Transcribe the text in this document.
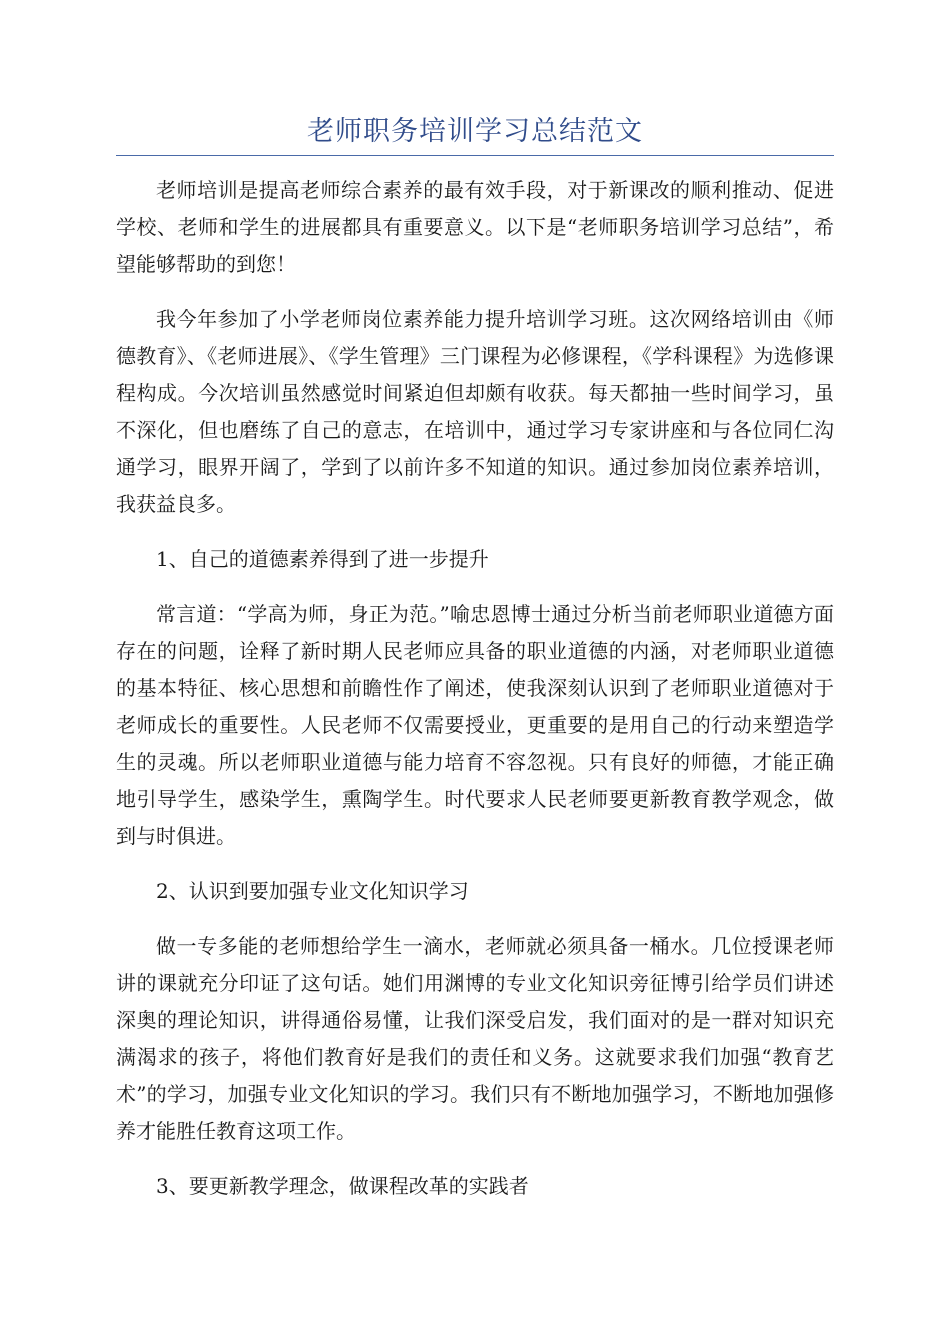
老师职务培训学习总结范文

老师培训是提高老师综合素养的最有效手段，对于新课改的顺利推动、促进学校、老师和学生的进展都具有重要意义。以下是“老师职务培训学习总结”，希望能够帮助的到您！

我今年参加了小学老师岗位素养能力提升培训学习班。这次网络培训由《师德教育》、《老师进展》、《学生管理》三门课程为必修课程，《学科课程》为选修课程构成。今次培训虽然感觉时间紧迫但却颇有收获。每天都抽一些时间学习，虽不深化，但也磨练了自己的意志，在培训中，通过学习专家讲座和与各位同仁沟通学习，眼界开阔了，学到了以前许多不知道的知识。通过参加岗位素养培训，我获益良多。

1、自己的道德素养得到了进一步提升

常言道：“学高为师，身正为范。”喻忠恩博士通过分析当前老师职业道德方面存在的问题，诠释了新时期人民老师应具备的职业道德的内涵，对老师职业道德的基本特征、核心思想和前瞻性作了阐述，使我深刻认识到了老师职业道德对于老师成长的重要性。人民老师不仅需要授业，更重要的是用自己的行动来塑造学生的灵魂。所以老师职业道德与能力培育不容忽视。只有良好的师德，才能正确地引导学生，感染学生，熏陶学生。时代要求人民老师要更新教育教学观念，做到与时俱进。

2、认识到要加强专业文化知识学习

做一专多能的老师想给学生一滴水，老师就必须具备一桶水。几位授课老师讲的课就充分印证了这句话。她们用渊博的专业文化知识旁征博引给学员们讲述深奥的理论知识，讲得通俗易懂，让我们深受启发，我们面对的是一群对知识充满渴求的孩子，将他们教育好是我们的责任和义务。这就要求我们加强“教育艺术”的学习，加强专业文化知识的学习。我们只有不断地加强学习，不断地加强修养才能胜任教育这项工作。

3、要更新教学理念，做课程改革的实践者
